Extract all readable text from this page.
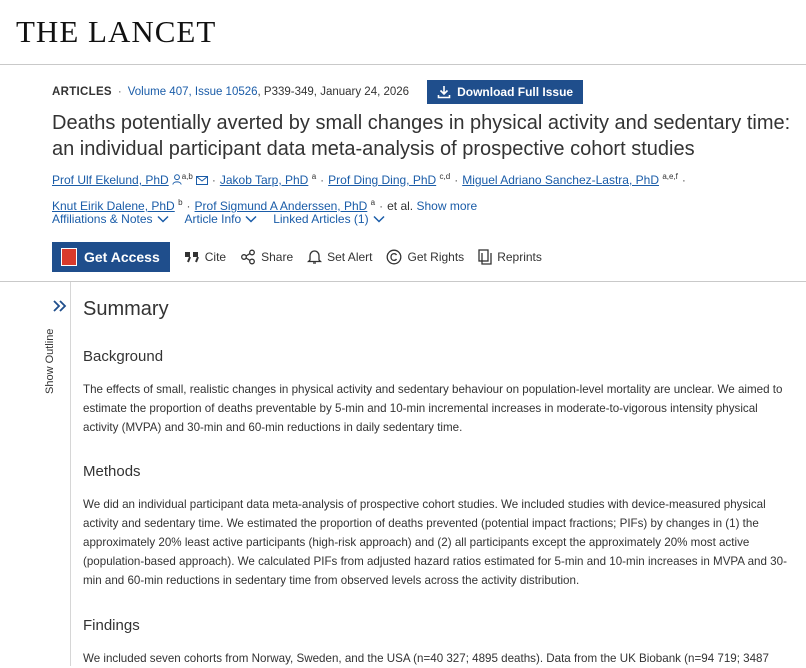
THE LANCET
ARTICLES · Volume 407, Issue 10526 , P339-349, January 24, 2026	Download Full Issue
Deaths potentially averted by small changes in physical activity and sedentary time: an individual participant data meta-analysis of prospective cohort studies
Prof Ulf Ekelund, PhD $^{a,b}$ · Jakob Tarp, PhD $^a$ · Prof Ding Ding, PhD $^{c,d}$ · Miguel Adriano Sanchez-Lastra, PhD $^{a,e,f}$ ·
Knut Eirik Dalene, PhD $^b$ · Prof Sigmund A Anderssen, PhD $^a$ · et al. Show more
Affiliations & Notes	Article Info	Linked Articles (1)
Get Access	Cite	Share	Set Alert	Get Rights	Reprints
Show Outline
Summary
Background

The effects of small, realistic changes in physical activity and sedentary behaviour on population-level mortality are unclear. We aimed to estimate the proportion of deaths preventable by 5-min and 10-min incremental increases in moderate-to-vigorous intensity physical activity (MVPA) and 30-min and 60-min reductions in daily sedentary time.

Methods

We did an individual participant data meta-analysis of prospective cohort studies. We included studies with device-measured physical activity and sedentary time. We estimated the proportion of deaths prevented (potential impact fractions; PIFs) by changes in (1) the approximately 20% least active participants (high-risk approach) and (2) all participants except the approximately 20% most active (population-based approach). We calculated PIFs from adjusted hazard ratios estimated for 5-min and 10-min increases in MVPA and 30-min and 60-min reductions in sedentary time from observed levels across the activity distribution.

Findings

We included seven cohorts from Norway, Sweden, and the USA (n=40 327; 4895 deaths). Data from the UK Biobank (n=94 719; 3487
